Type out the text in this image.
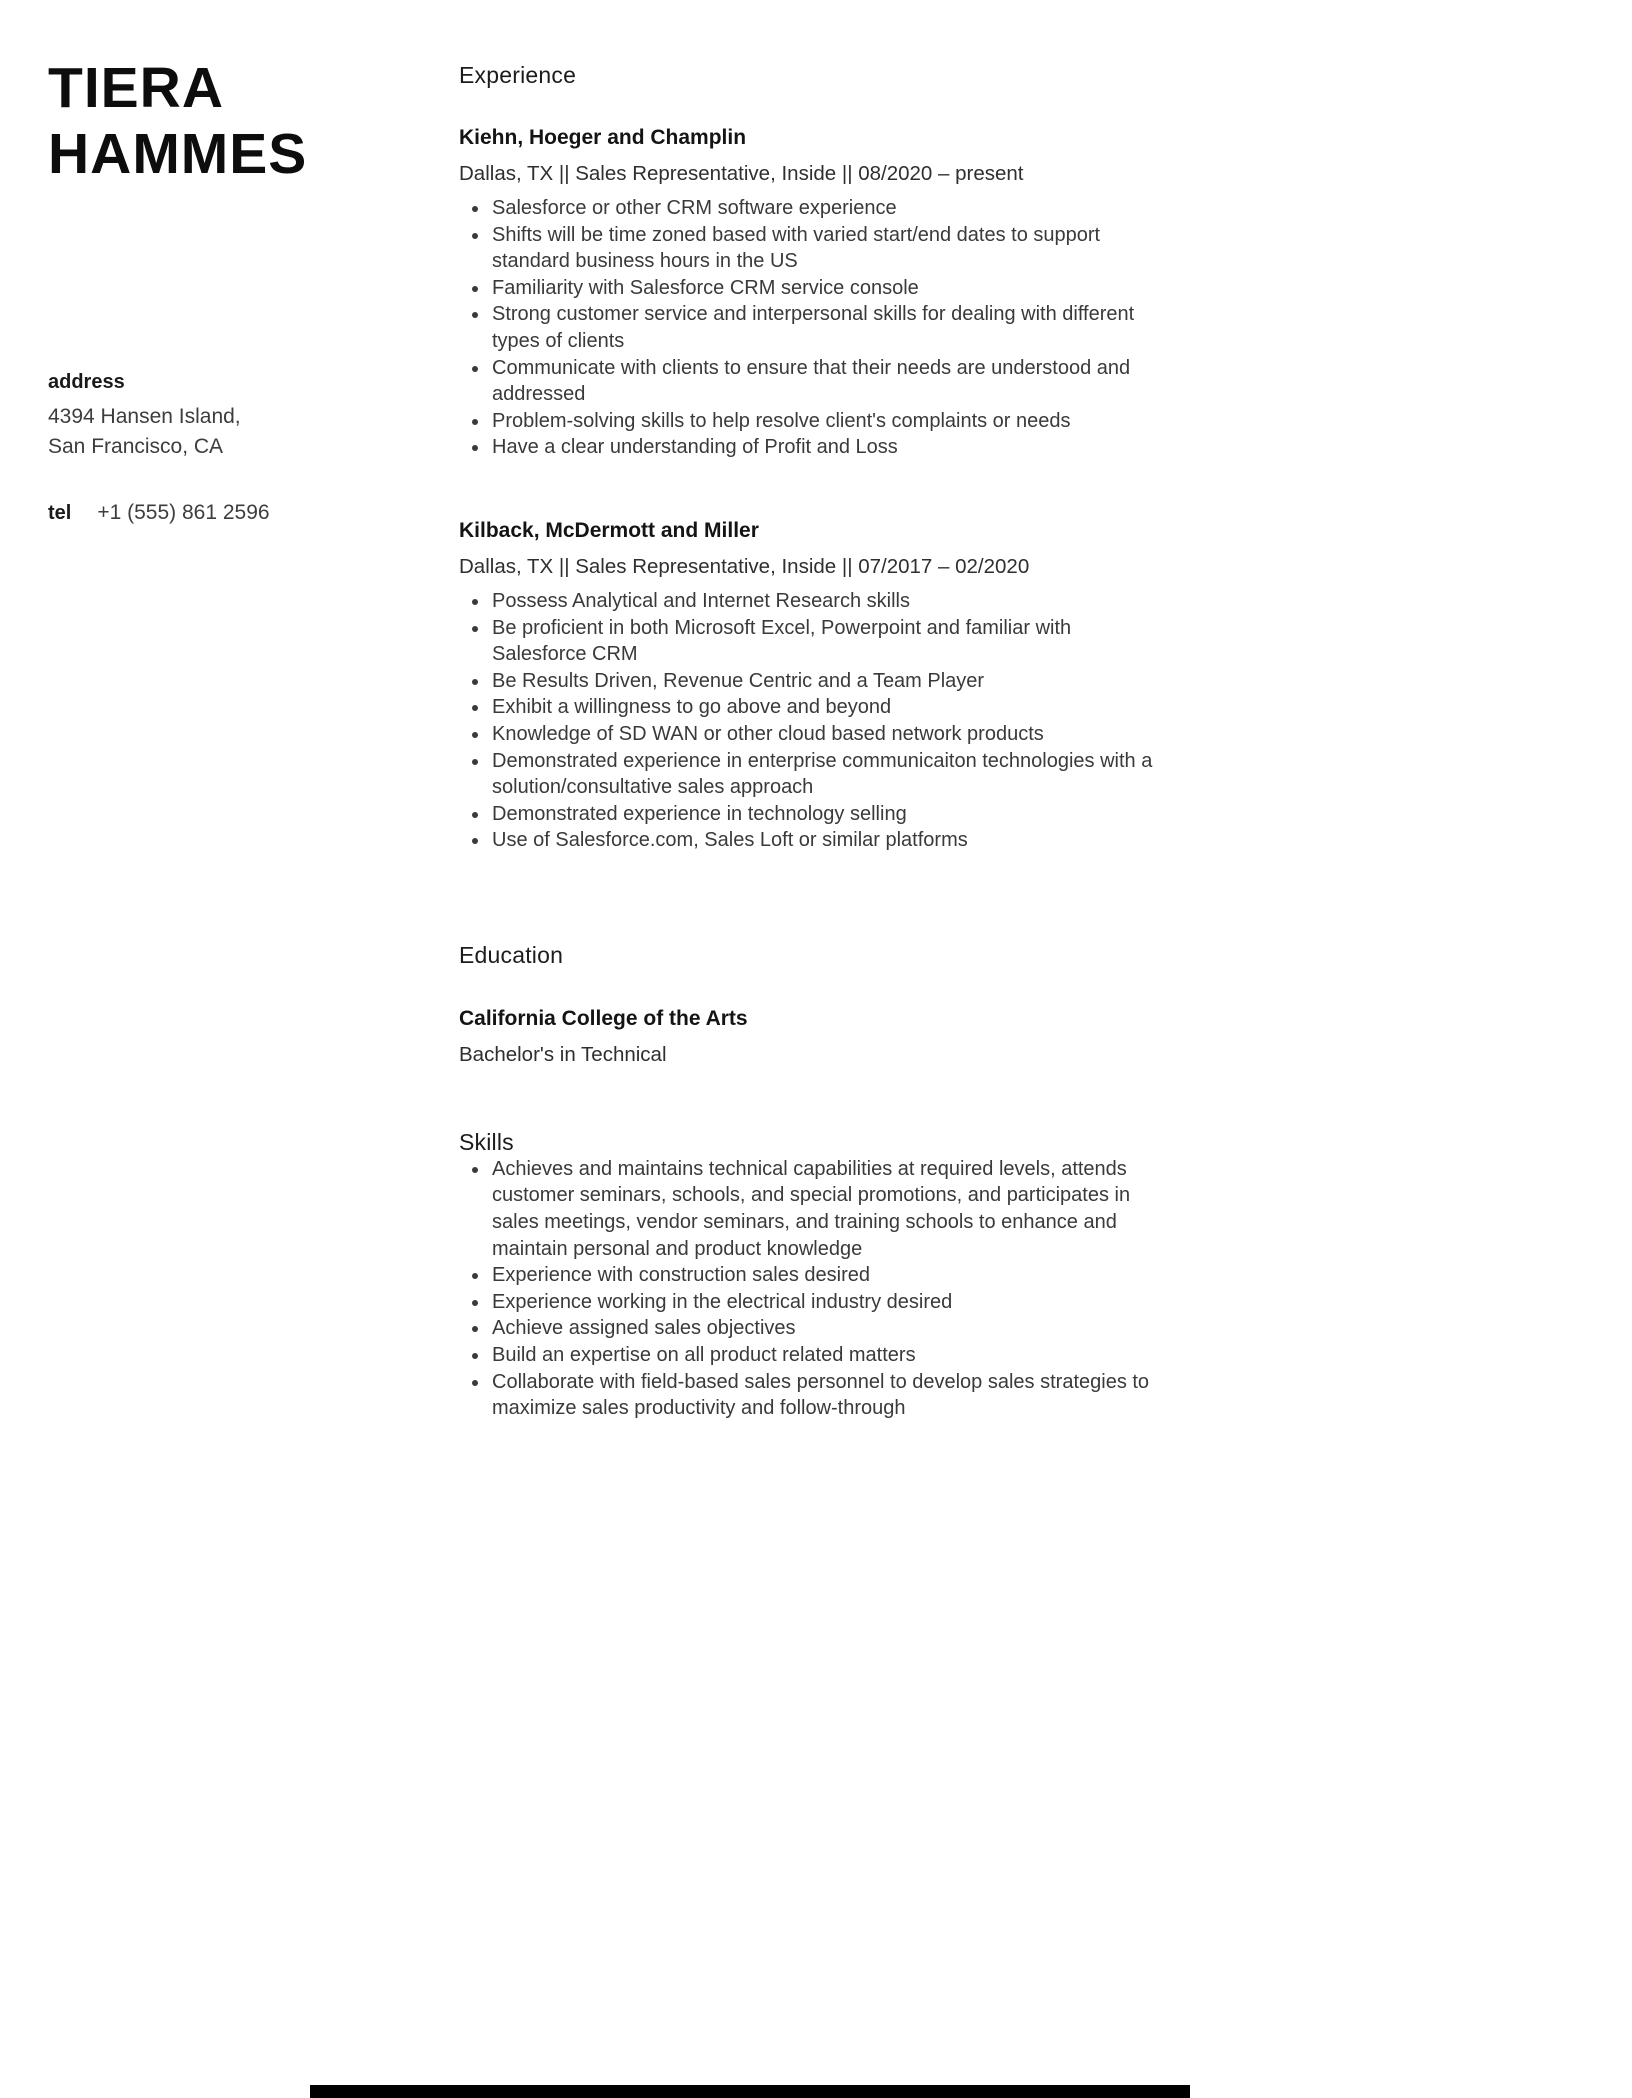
TIERA
HAMMES
address
4394 Hansen Island,
San Francisco, CA
tel +1 (555) 861 2596
Experience
Kiehn, Hoeger and Champlin
Dallas, TX || Sales Representative, Inside || 08/2020 – present
• Salesforce or other CRM software experience
• Shifts will be time zoned based with varied start/end dates to support standard business hours in the US
• Familiarity with Salesforce CRM service console
• Strong customer service and interpersonal skills for dealing with different types of clients
• Communicate with clients to ensure that their needs are understood and addressed
• Problem-solving skills to help resolve client's complaints or needs
• Have a clear understanding of Profit and Loss
Kilback, McDermott and Miller
Dallas, TX || Sales Representative, Inside || 07/2017 – 02/2020
• Possess Analytical and Internet Research skills
• Be proficient in both Microsoft Excel, Powerpoint and familiar with Salesforce CRM
• Be Results Driven, Revenue Centric and a Team Player
• Exhibit a willingness to go above and beyond
• Knowledge of SD WAN or other cloud based network products
• Demonstrated experience in enterprise communicaiton technologies with a solution/consultative sales approach
• Demonstrated experience in technology selling
• Use of Salesforce.com, Sales Loft or similar platforms
Education
California College of the Arts
Bachelor's in Technical
Skills
• Achieves and maintains technical capabilities at required levels, attends customer seminars, schools, and special promotions, and participates in sales meetings, vendor seminars, and training schools to enhance and maintain personal and product knowledge
• Experience with construction sales desired
• Experience working in the electrical industry desired
• Achieve assigned sales objectives
• Build an expertise on all product related matters
• Collaborate with field-based sales personnel to develop sales strategies to maximize sales productivity and follow-through
